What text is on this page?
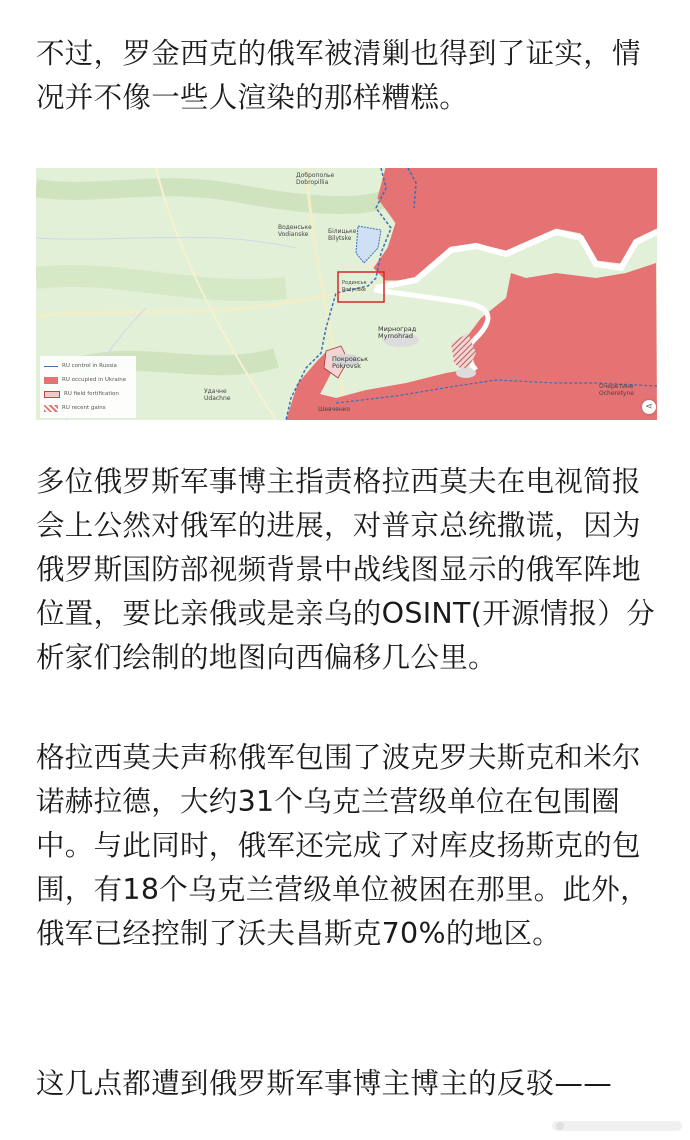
不过，罗金西克的俄军被清剿也得到了证实，情况并不像一些人渲染的那样糟糕。

Доброполье
Dobropillia
Воденське
Vodianske	Білицьке
Bilytske
Родинськ
Rodynske
Мирноград
Myrnohrad
Покровськ
Pokrovsk
Удачне
Udachne
Шевченко
Очеретине
Ocheretyne
RU control in Russia
RU occupied in Ukraine
RU field fortification
RU recent gains	⋖

多位俄罗斯军事博主指责格拉西莫夫在电视简报会上公然对俄军的进展，对普京总统撒谎，因为俄罗斯国防部视频背景中战线图显示的俄军阵地位置，要比亲俄或是亲乌的OSINT(开源情报）分析家们绘制的地图向西偏移几公里。

格拉西莫夫声称俄军包围了波克罗夫斯克和米尔诺赫拉德，大约31个乌克兰营级单位在包围圈中。与此同时，俄军还完成了对库皮扬斯克的包围，有18个乌克兰营级单位被困在那里。此外，俄军已经控制了沃夫昌斯克70%的地区。

这几点都遭到俄罗斯军事博主博主的反驳——
